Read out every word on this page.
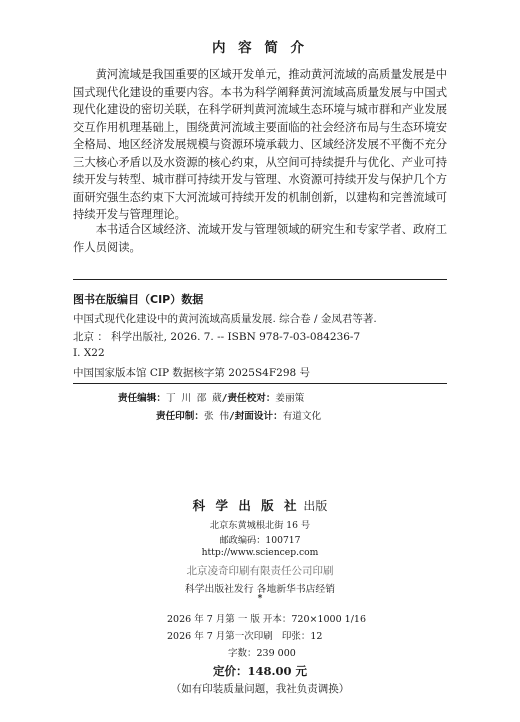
内 容 简 介

黄河流域是我国重要的区域开发单元，推动黄河流域的高质量发展是中国式现代化建设的重要内容。本书为科学阐释黄河流域高质量发展与中国式现代化建设的密切关联，在科学研判黄河流域生态环境与城市群和产业发展交互作用机理基础上，围绕黄河流域主要面临的社会经济布局与生态环境安全格局、地区经济发展规模与资源环境承载力、区域经济发展不平衡不充分三大核心矛盾以及水资源的核心约束，从空间可持续提升与优化、产业可持续开发与转型、城市群可持续开发与管理、水资源可持续开发与保护几个方面研究强生态约束下大河流域可持续开发的机制创新，以建构和完善流域可持续开发与管理理论。

本书适合区域经济、流域开发与管理领域的研究生和专家学者、政府工作人员阅读。

图书在版编目（CIP）数据
中国式现代化建设中的黄河流域高质量发展. 综合卷 / 金凤君等著.
北京 ： 科学出版社, 2026. 7. -- ISBN 978-7-03-084236-7
Ⅰ. X22
中国国家版本馆 CIP 数据核字第 2025S4F298 号
责任编辑：丁 川 邵 葳/责任校对：姜丽策
责任印制：张 伟/封面设计：有道文化
科 学 出 版 社 出版
北京东黄城根北街 16 号
邮政编码：100717
http://www.sciencep.com
北京凌奇印刷有限责任公司印刷
科学出版社发行 各地新华书店经销
*
2026 年 7 月第 一 版 开本：720×1000 1/16
2026 年 7 月第一次印刷 印张：12
字数：239 000
定价：148.00 元
（如有印装质量问题，我社负责调换）
